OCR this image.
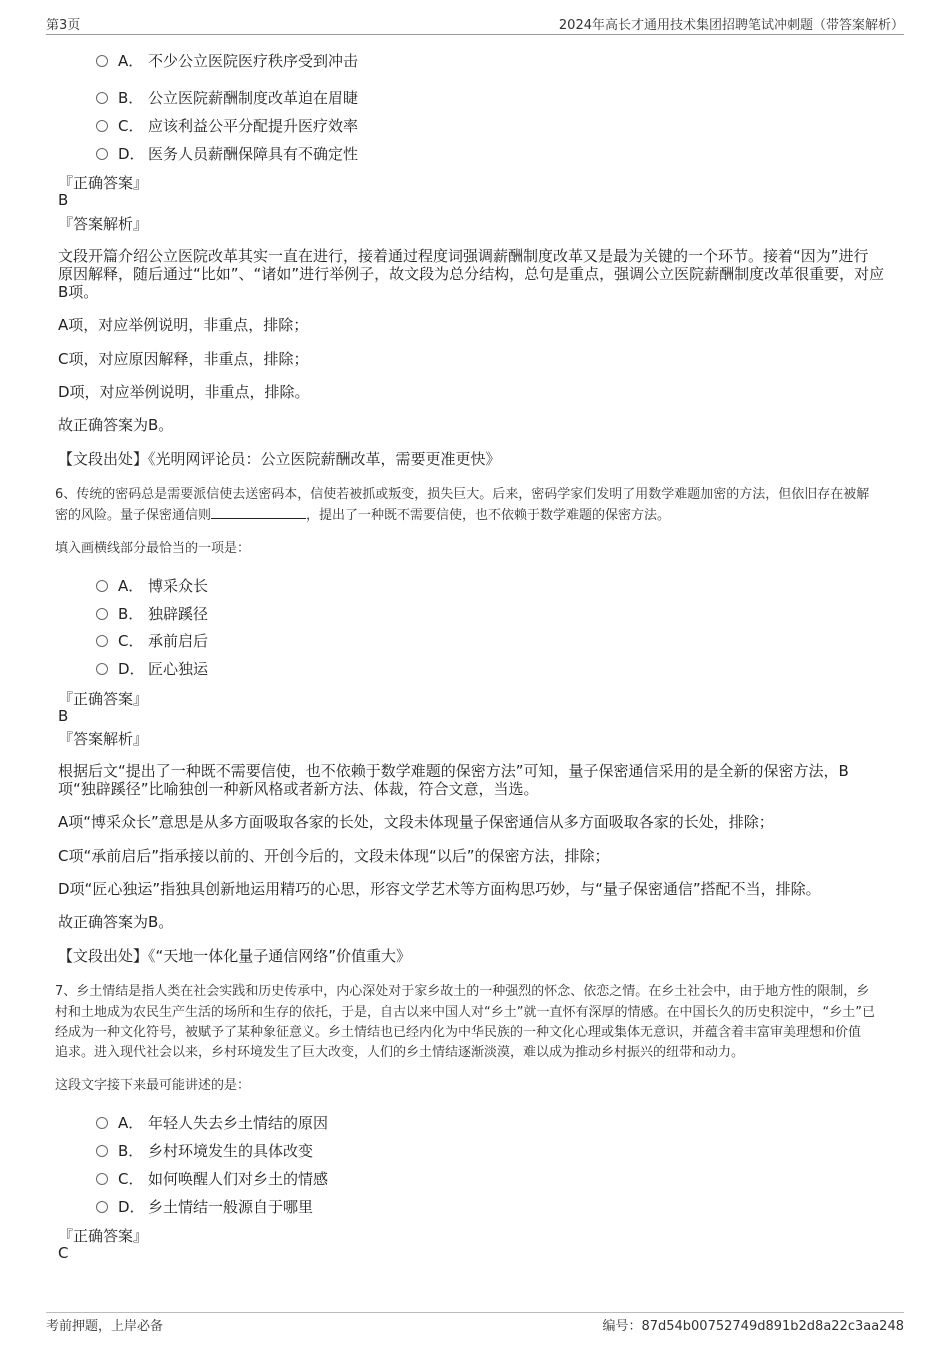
第3页	2024年高长才通用技术集团招聘笔试冲刺题（带答案解析）
A． 不少公立医院医疗秩序受到冲击
B． 公立医院薪酬制度改革迫在眉睫
C． 应该利益公平分配提升医疗效率
D． 医务人员薪酬保障具有不确定性
『正确答案』
B
『答案解析』
文段开篇介绍公立医院改革其实一直在进行，接着通过程度词强调薪酬制度改革又是最为关键的一个环节。接着“因为”进行
原因解释，随后通过“比如”、“诸如”进行举例子，故文段为总分结构，总句是重点，强调公立医院薪酬制度改革很重要，对应
B项。
A项，对应举例说明，非重点，排除；
C项，对应原因解释，非重点，排除；
D项，对应举例说明，非重点，排除。
故正确答案为B。
【文段出处】《光明网评论员：公立医院薪酬改革，需要更准更快》
6、传统的密码总是需要派信使去送密码本，信使若被抓或叛变，损失巨大。后来，密码学家们发明了用数学难题加密的方法，但依旧存在被解
密的风险。量子保密通信则	，提出了一种既不需要信使，也不依赖于数学难题的保密方法。
填入画横线部分最恰当的一项是：
A． 博采众长
B． 独辟蹊径
C． 承前启后
D． 匠心独运
『正确答案』
B
『答案解析』
根据后文“提出了一种既不需要信使，也不依赖于数学难题的保密方法”可知，量子保密通信采用的是全新的保密方法，B
项“独辟蹊径”比喻独创一种新风格或者新方法、体裁，符合文意，当选。
A项“博采众长”意思是从多方面吸取各家的长处，文段未体现量子保密通信从多方面吸取各家的长处，排除；
C项“承前启后”指承接以前的、开创今后的，文段未体现“以后”的保密方法，排除；
D项“匠心独运”指独具创新地运用精巧的心思，形容文学艺术等方面构思巧妙，与“量子保密通信”搭配不当，排除。
故正确答案为B。
【文段出处】《“天地一体化量子通信网络”价值重大》
7、乡土情结是指人类在社会实践和历史传承中，内心深处对于家乡故土的一种强烈的怀念、依恋之情。在乡土社会中，由于地方性的限制，乡
村和土地成为农民生产生活的场所和生存的依托，于是，自古以来中国人对“乡土”就一直怀有深厚的情感。在中国长久的历史积淀中，“乡土”已
经成为一种文化符号，被赋予了某种象征意义。乡土情结也已经内化为中华民族的一种文化心理或集体无意识，并蕴含着丰富审美理想和价值
追求。进入现代社会以来，乡村环境发生了巨大改变，人们的乡土情结逐渐淡漠，难以成为推动乡村振兴的纽带和动力。
这段文字接下来最可能讲述的是：
A． 年轻人失去乡土情结的原因
B． 乡村环境发生的具体改变
C． 如何唤醒人们对乡土的情感
D． 乡土情结一般源自于哪里
『正确答案』
C
考前押题，上岸必备	编号：87d54b00752749d891b2d8a22c3aa248
